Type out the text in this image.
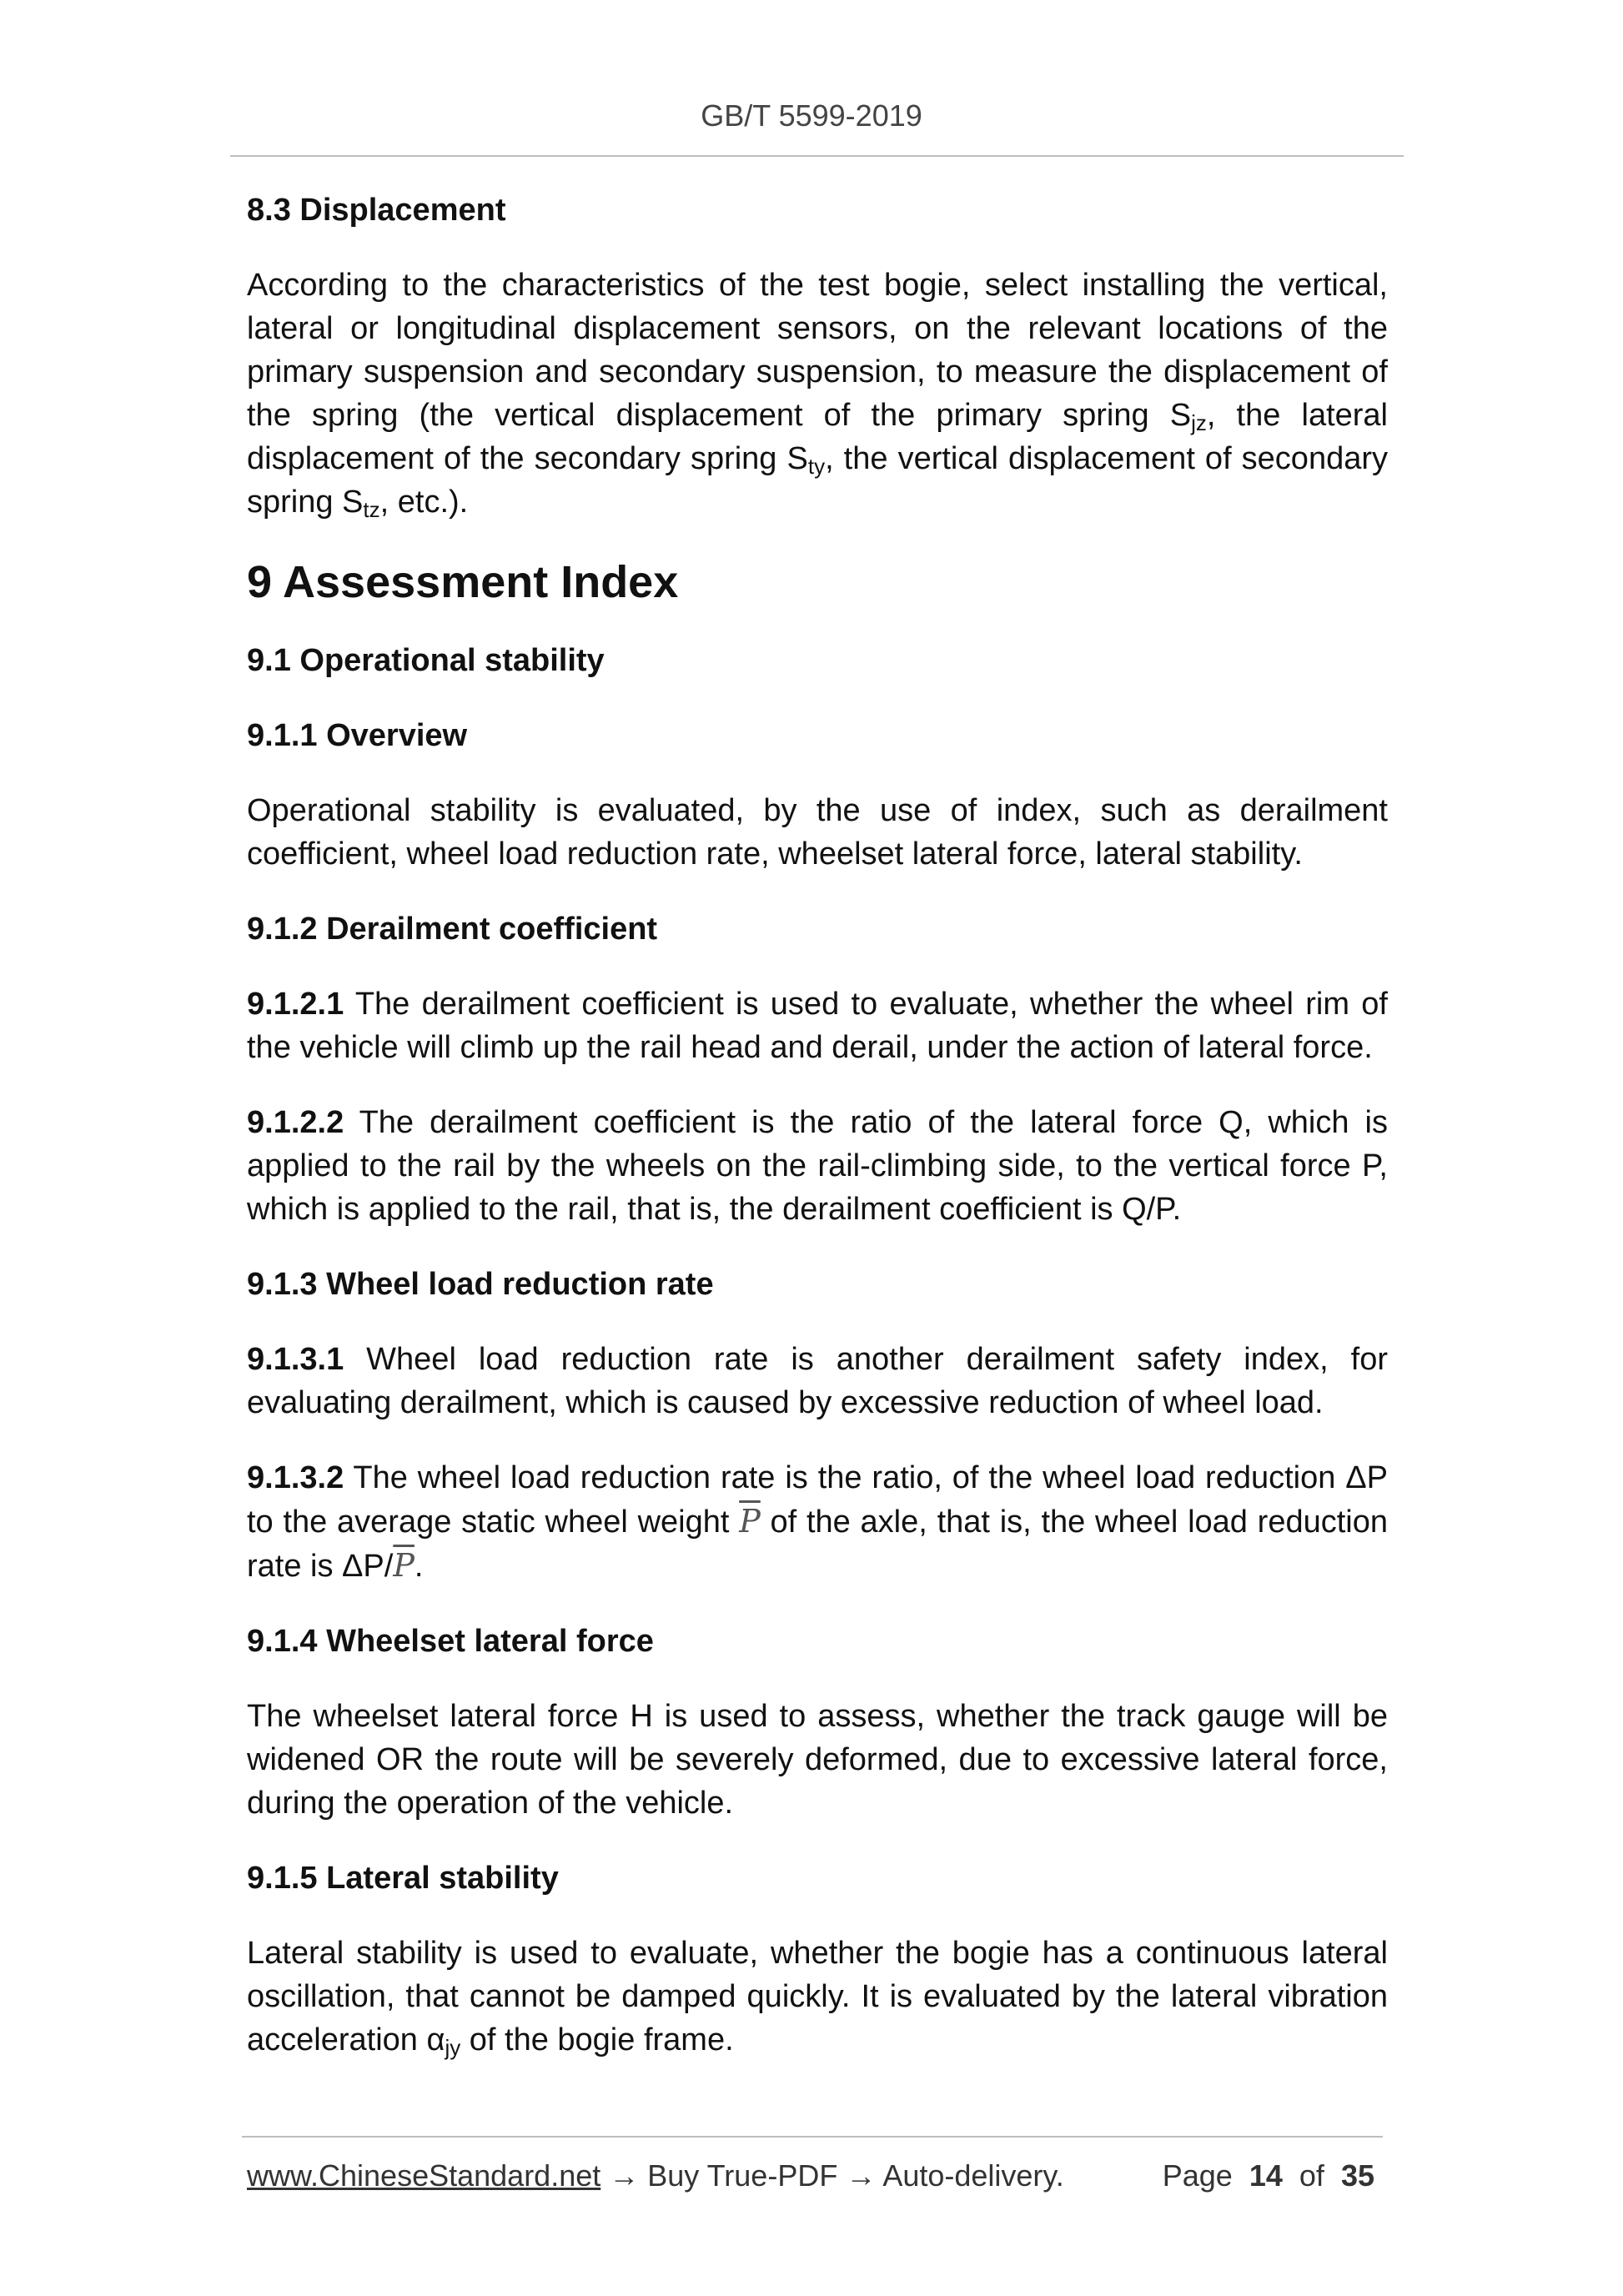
GB/T 5599-2019
8.3 Displacement

According to the characteristics of the test bogie, select installing the vertical, lateral or longitudinal displacement sensors, on the relevant locations of the primary suspension and secondary suspension, to measure the displacement of the spring (the vertical displacement of the primary spring $S_{jz}$, the lateral displacement of the secondary spring $S_{ty}$, the vertical displacement of secondary spring $S_{tz}$, etc.).

9 Assessment Index
9.1 Operational stability
9.1.1 Overview

Operational stability is evaluated, by the use of index, such as derailment coefficient, wheel load reduction rate, wheelset lateral force, lateral stability.

9.1.2 Derailment coefficient

9.1.2.1 The derailment coefficient is used to evaluate, whether the wheel rim of the vehicle will climb up the rail head and derail, under the action of lateral force.

9.1.2.2 The derailment coefficient is the ratio of the lateral force Q, which is applied to the rail by the wheels on the rail-climbing side, to the vertical force P, which is applied to the rail, that is, the derailment coefficient is Q/P.

9.1.3 Wheel load reduction rate

9.1.3.1 Wheel load reduction rate is another derailment safety index, for evaluating derailment, which is caused by excessive reduction of wheel load.

9.1.3.2 The wheel load reduction rate is the ratio, of the wheel load reduction ΔP to the average static wheel weight $\overline{P}$ of the axle, that is, the wheel load reduction rate is $\Delta P/\overline{P}$.

9.1.4 Wheelset lateral force

The wheelset lateral force H is used to assess, whether the track gauge will be widened OR the route will be severely deformed, due to excessive lateral force, during the operation of the vehicle.

9.1.5 Lateral stability

Lateral stability is used to evaluate, whether the bogie has a continuous lateral oscillation, that cannot be damped quickly. It is evaluated by the lateral vibration acceleration $\alpha_{jy}$ of the bogie frame.

www.ChineseStandard.net → Buy True-PDF → Auto-delivery.	Page 14 of 35
